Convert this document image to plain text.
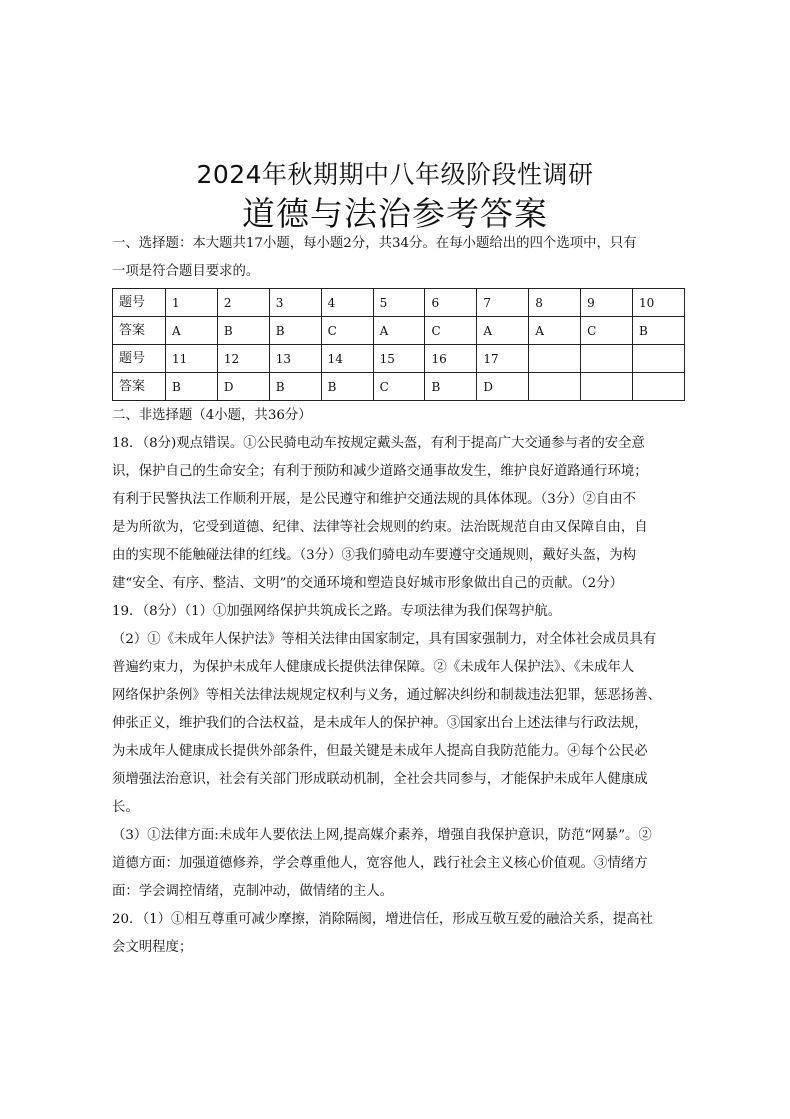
2024年秋期期中八年级阶段性调研
道德与法治参考答案

一、选择题：本大题共17小题，每小题2分，共34分。在每小题给出的四个选项中，只有

一项是符合题目要求的。

题号	1	2	3	4	5	6	7	8	9	10
答案	A	B	B	C	A	C	A	A	C	B
题号	11	12	13	14	15	16	17			
答案	B	D	B	B	C	B	D			

二、非选择题（4小题，共36分）

18．（8分)观点错误。①公民骑电动车按规定戴头盔，有利于提高广大交通参与者的安全意

识，保护自己的生命安全；有利于预防和减少道路交通事故发生，维护良好道路通行环境；

有利于民警执法工作顺利开展，是公民遵守和维护交通法规的具体体现。（3分）②自由不

是为所欲为，它受到道德、纪律、法律等社会规则的约束。法治既规范自由又保障自由，自

由的实现不能触碰法律的红线。（3分）③我们骑电动车要遵守交通规则，戴好头盔，为构

建“安全、有序、整洁、文明”的交通环境和塑造良好城市形象做出自己的贡献。（2分）

19．（8分）（1）①加强网络保护共筑成长之路。专项法律为我们保驾护航。

（2）①《未成年人保护法》等相关法律由国家制定，具有国家强制力，对全体社会成员具有

普遍约束力，为保护未成年人健康成长提供法律保障。②《未成年人保护法》、《未成年人

网络保护条例》等相关法律法规规定权利与义务，通过解决纠纷和制裁违法犯罪，惩恶扬善、

伸张正义，维护我们的合法权益，是未成年人的保护神。③国家出台上述法律与行政法规，

为未成年人健康成长提供外部条件，但最关键是未成年人提高自我防范能力。④每个公民必

须增强法治意识，社会有关部门形成联动机制，全社会共同参与，才能保护未成年人健康成

长。

（3）①法律方面:未成年人要依法上网,提高媒介素养，增强自我保护意识，防范“网暴”。②

道德方面：加强道德修养，学会尊重他人，宽容他人，践行社会主义核心价值观。③情绪方

面：学会调控情绪，克制冲动，做情绪的主人。

20．（1）①相互尊重可减少摩擦，消除隔阂，增进信任，形成互敬互爱的融洽关系，提高社

会文明程度；
